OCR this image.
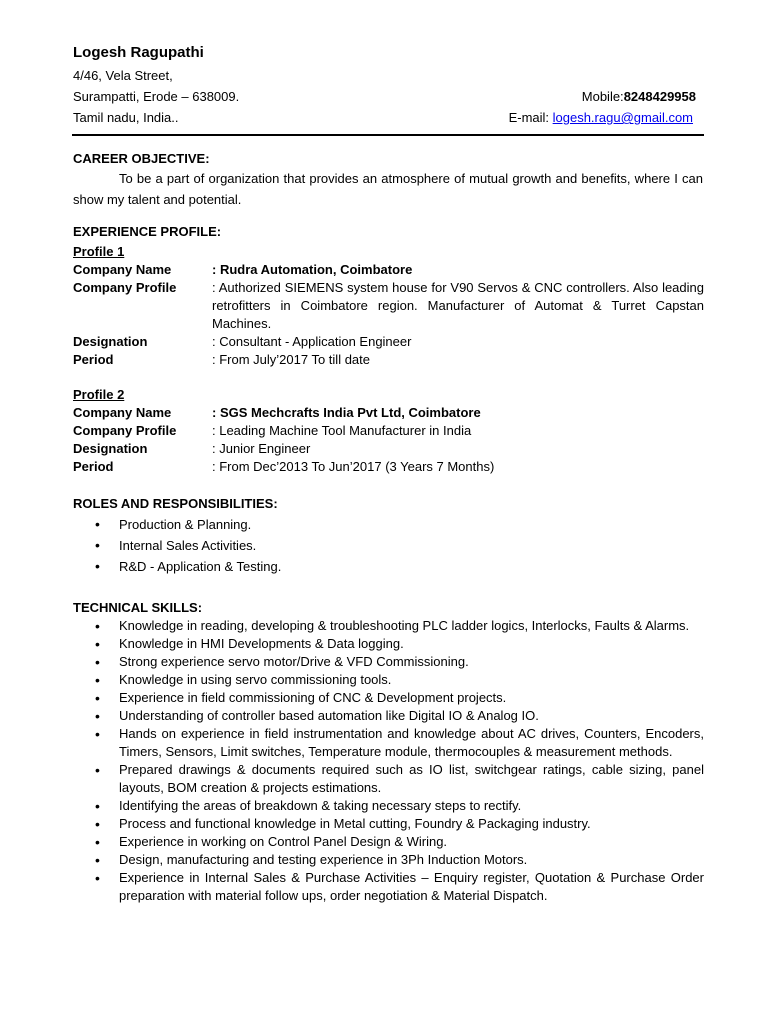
Logesh Ragupathi
4/46, Vela Street,
Surampatti, Erode – 638009.
Tamil nadu, India..
Mobile:8248429958
E-mail: logesh.ragu@gmail.com
CAREER OBJECTIVE:
To be a part of organization that provides an atmosphere of mutual growth and benefits, where I can show my talent and potential.
EXPERIENCE PROFILE:
Profile 1
Company Name	: Rudra Automation, Coimbatore
Company Profile	: Authorized SIEMENS system house for V90 Servos & CNC controllers. Also leading retrofitters in Coimbatore region. Manufacturer of Automat & Turret Capstan Machines.
Designation	: Consultant - Application Engineer
Period	: From July’2017 To till date
Profile 2
Company Name	: SGS Mechcrafts India Pvt Ltd, Coimbatore
Company Profile	: Leading Machine Tool Manufacturer in India
Designation	: Junior Engineer
Period	: From Dec’2013 To Jun’2017 (3 Years 7 Months)
ROLES AND RESPONSIBILITIES:
• Production & Planning.
• Internal Sales Activities.
• R&D - Application & Testing.
TECHNICAL SKILLS:
• Knowledge in reading, developing & troubleshooting PLC ladder logics, Interlocks, Faults & Alarms.
• Knowledge in HMI Developments & Data logging.
• Strong experience servo motor/Drive & VFD Commissioning.
• Knowledge in using servo commissioning tools.
• Experience in field commissioning of CNC & Development projects.
• Understanding of controller based automation like Digital IO & Analog IO.
• Hands on experience in field instrumentation and knowledge about AC drives, Counters, Encoders, Timers, Sensors, Limit switches, Temperature module, thermocouples & measurement methods.
• Prepared drawings & documents required such as IO list, switchgear ratings, cable sizing, panel layouts, BOM creation & projects estimations.
• Identifying the areas of breakdown & taking necessary steps to rectify.
• Process and functional knowledge in Metal cutting, Foundry & Packaging industry.
• Experience in working on Control Panel Design & Wiring.
• Design, manufacturing and testing experience in 3Ph Induction Motors.
• Experience in Internal Sales & Purchase Activities – Enquiry register, Quotation & Purchase Order preparation with material follow ups, order negotiation & Material Dispatch.
